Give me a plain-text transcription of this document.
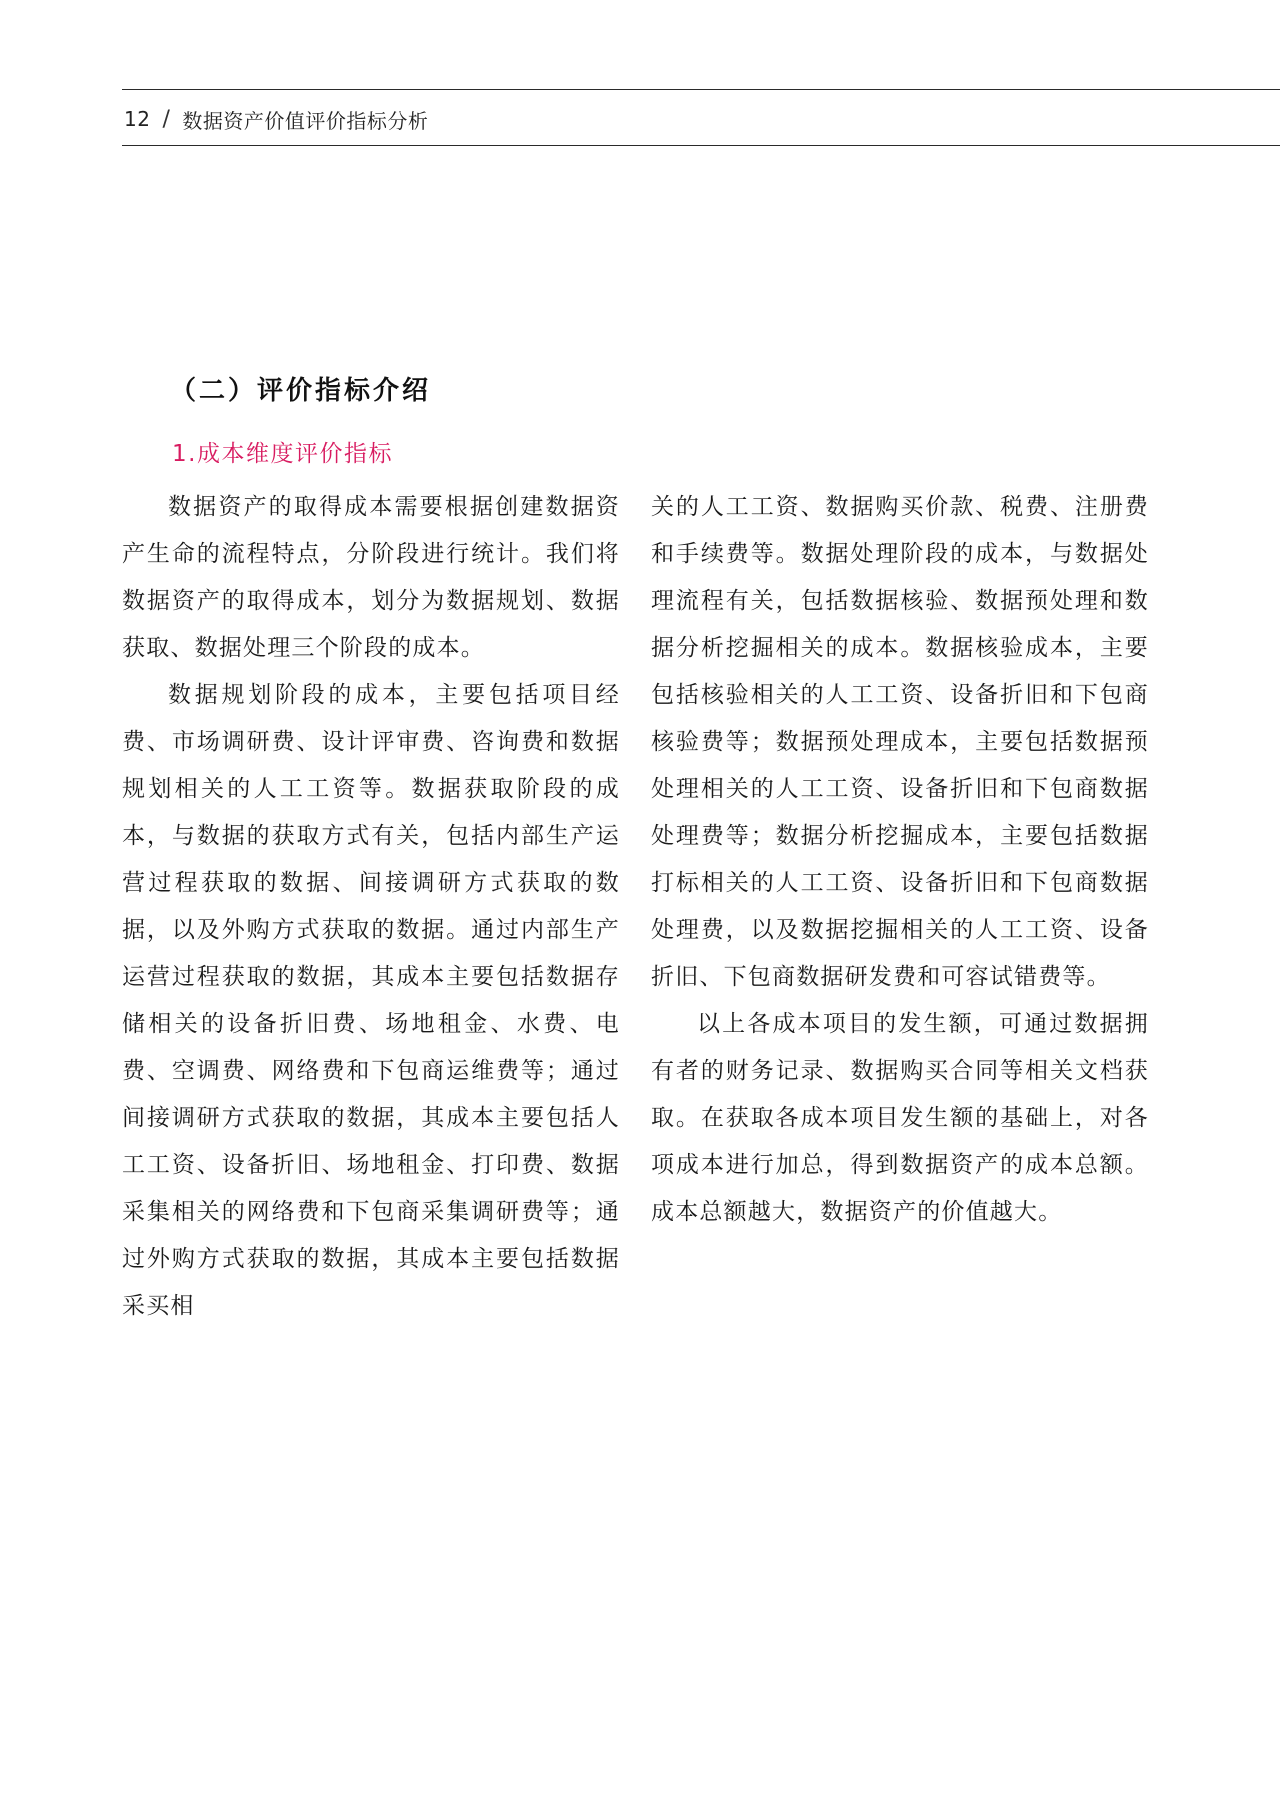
12 / 数据资产价值评价指标分析
（二）评价指标介绍
1.成本维度评价指标

数据资产的取得成本需要根据创建数据资产生命的流程特点，分阶段进行统计。我们将数据资产的取得成本，划分为数据规划、数据获取、数据处理三个阶段的成本。

数据规划阶段的成本，主要包括项目经费、市场调研费、设计评审费、咨询费和数据规划相关的人工工资等。数据获取阶段的成本，与数据的获取方式有关，包括内部生产运营过程获取的数据、间接调研方式获取的数据，以及外购方式获取的数据。通过内部生产运营过程获取的数据，其成本主要包括数据存储相关的设备折旧费、场地租金、水费、电费、空调费、网络费和下包商运维费等；通过间接调研方式获取的数据，其成本主要包括人工工资、设备折旧、场地租金、打印费、数据采集相关的网络费和下包商采集调研费等；通过外购方式获取的数据，其成本主要包括数据采买相

关的人工工资、数据购买价款、税费、注册费和手续费等。数据处理阶段的成本，与数据处理流程有关，包括数据核验、数据预处理和数据分析挖掘相关的成本。数据核验成本，主要包括核验相关的人工工资、设备折旧和下包商核验费等；数据预处理成本，主要包括数据预处理相关的人工工资、设备折旧和下包商数据处理费等；数据分析挖掘成本，主要包括数据打标相关的人工工资、设备折旧和下包商数据处理费，以及数据挖掘相关的人工工资、设备折旧、下包商数据研发费和可容试错费等。

以上各成本项目的发生额，可通过数据拥有者的财务记录、数据购买合同等相关文档获取。在获取各成本项目发生额的基础上，对各项成本进行加总，得到数据资产的成本总额。成本总额越大，数据资产的价值越大。
